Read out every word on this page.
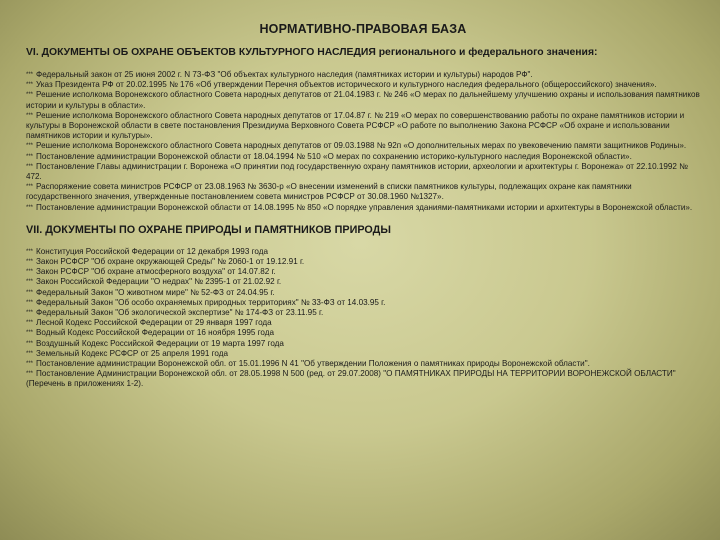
НОРМАТИВНО-ПРАВОВАЯ БАЗА

VI. ДОКУМЕНТЫ ОБ ОХРАНЕ ОБЪЕКТОВ КУЛЬТУРНОГО НАСЛЕДИЯ регионального и федерального значения:

*** Федеральный закон от 25 июня 2002 г. N 73-ФЗ "Об объектах культурного наследия (памятниках истории и культуры) народов РФ".
*** Указ Президента РФ от 20.02.1995 № 176 «Об утверждении Перечня объектов исторического и культурного наследия федерального (общероссийского) значения».
*** Решение исполкома Воронежского областного Совета народных депутатов от 21.04.1983 г. № 246 «О мерах по дальнейшему улучшению охраны и использования памятников истории и культуры в области».
*** Решение исполкома Воронежского областного Совета народных депутатов от 17.04.87 г. № 219 «О мерах по совершенствованию работы по охране памятников истории и культуры в Воронежской области в свете постановления Президиума Верховного Совета РСФСР «О работе по выполнению Закона РСФСР «Об охране и использовании памятников истории и культуры».
*** Решение исполкома Воронежского областного Совета народных депутатов от 09.03.1988 № 92п «О дополнительных мерах по увековечению памяти защитников Родины».
*** Постановление администрации Воронежской области от 18.04.1994 № 510 «О мерах по сохранению историко-культурного наследия Воронежской области».
*** Постановление Главы администрации г. Воронежа «О принятии под государственную охрану памятников истории, археологии и архитектуры г. Воронежа» от 22.10.1992 № 472.
*** Распоряжение совета министров РСФСР от 23.08.1963 № 3630-р «О внесении изменений в списки памятников культуры, подлежащих охране как памятники государственного значения, утвержденные постановлением совета министров РСФСР от 30.08.1960 №1327».
*** Постановление администрации Воронежской области от 14.08.1995 № 850 «О порядке управления зданиями-памятниками истории и архитектуры в Воронежской области».

VII. ДОКУМЕНТЫ ПО ОХРАНЕ ПРИРОДЫ и ПАМЯТНИКОВ ПРИРОДЫ

*** Конституция Российской Федерации от 12 декабря 1993 года
*** Закон РСФСР "Об охране окружающей Среды" № 2060-1 от 19.12.91 г.
*** Закон РСФСР "Об охране атмосферного воздуха" от 14.07.82 г.
*** Закон Российской Федерации "О недрах" № 2395-1 от 21.02.92 г.
*** Федеральный Закон "О животном мире" № 52-ФЗ от 24.04.95 г.
*** Федеральный Закон "Об особо охраняемых природных территориях" № 33-ФЗ от 14.03.95 г.
*** Федеральный Закон "Об экологической экспертизе" № 174-ФЗ от 23.11.95 г.
*** Лесной Кодекс Российской Федерации от 29 января 1997 года
*** Водный Кодекс Российской Федерации от 16 ноября 1995 года
*** Воздушный Кодекс Российской Федерации от 19 марта 1997 года
*** Земельный Кодекс РСФСР от 25 апреля 1991 года
*** Постановление администрации Воронежской обл. от 15.01.1996 N 41 "Об утверждении Положения о памятниках природы Воронежской области".
*** Постановление Администрации Воронежской обл. от 28.05.1998 N 500 (ред. от 29.07.2008) "О ПАМЯТНИКАХ ПРИРОДЫ НА ТЕРРИТОРИИ ВОРОНЕЖСКОЙ ОБЛАСТИ" (Перечень в приложениях 1-2).
